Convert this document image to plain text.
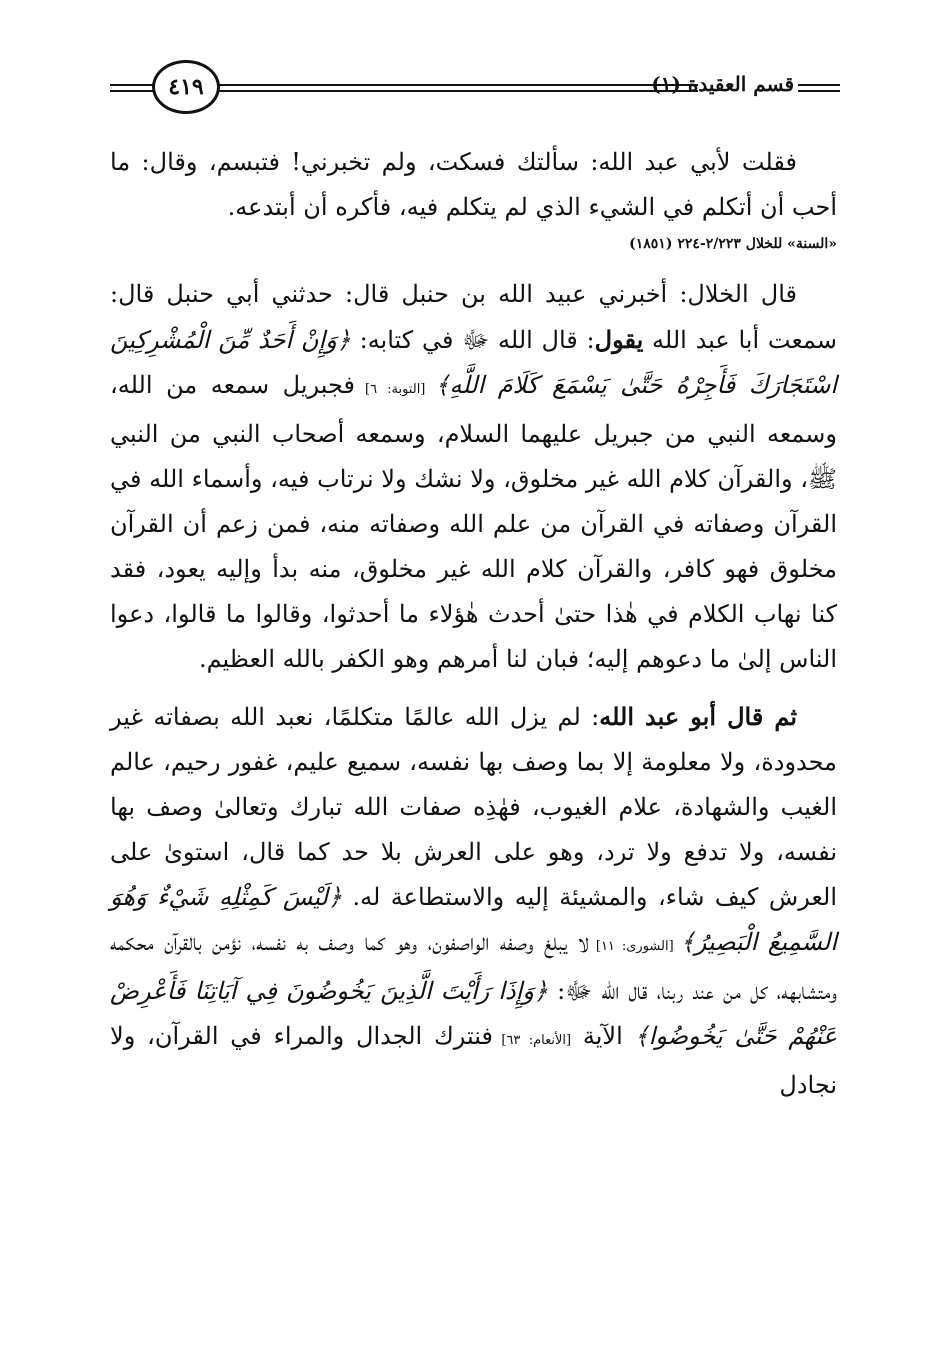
٤١٩	قسم العقيدة (١)

فقلت لأبي عبد الله: سألتك فسكت، ولم تخبرني! فتبسم، وقال: ما أحب أن أتكلم في الشيء الذي لم يتكلم فيه، فأكره أن أبتدعه.

«السنة» للخلال ٢/٢٢٣-٢٢٤ (١٨٥١)

قال الخلال: أخبرني عبيد الله بن حنبل قال: حدثني أبي حنبل قال: سمعت أبا عبد الله يقول: قال الله ﷻ في كتابه: ﴿وَإِنْ أَحَدٌ مِّنَ الْمُشْرِكِينَ اسْتَجَارَكَ فَأَجِرْهُ حَتَّىٰ يَسْمَعَ كَلَامَ اللَّهِ﴾ [التوبة: ٦] فجبريل سمعه من الله، وسمعه النبي من جبريل عليهما السلام، وسمعه أصحاب النبي من النبي ﷺ، والقرآن كلام الله غير مخلوق، ولا نشك ولا نرتاب فيه، وأسماء الله في القرآن وصفاته في القرآن من علم الله وصفاته منه، فمن زعم أن القرآن مخلوق فهو كافر، والقرآن كلام الله غير مخلوق، منه بدأ وإليه يعود، فقد كنا نهاب الكلام في هٰذا حتىٰ أحدث هٰؤلاء ما أحدثوا، وقالوا ما قالوا، دعوا الناس إلىٰ ما دعوهم إليه؛ فبان لنا أمرهم وهو الكفر بالله العظيم.

ثم قال أبو عبد الله: لم يزل الله عالمًا متكلمًا، نعبد الله بصفاته غير محدودة، ولا معلومة إلا بما وصف بها نفسه، سميع عليم، غفور رحيم، عالم الغيب والشهادة، علام الغيوب، فهٰذِه صفات الله تبارك وتعالىٰ وصف بها نفسه، ولا تدفع ولا ترد، وهو على العرش بلا حد كما قال، استوىٰ على العرش كيف شاء، والمشيئة إليه والاستطاعة له. ﴿لَيْسَ كَمِثْلِهِ شَيْءٌ وَهُوَ السَّمِيعُ الْبَصِيرُ﴾ [الشورى: ١١] لا يبلغ وصفه الواصفون، وهو كما وصف به نفسه، نؤمن بالقرآن محكمه ومتشابهه، كل من عند ربنا، قال الله ﷻ: ﴿وَإِذَا رَأَيْتَ الَّذِينَ يَخُوضُونَ فِي آيَاتِنَا فَأَعْرِضْ عَنْهُمْ حَتَّىٰ يَخُوضُوا﴾ الآية [الأنعام: ٦٣] فنترك الجدال والمراء في القرآن، ولا نجادل
